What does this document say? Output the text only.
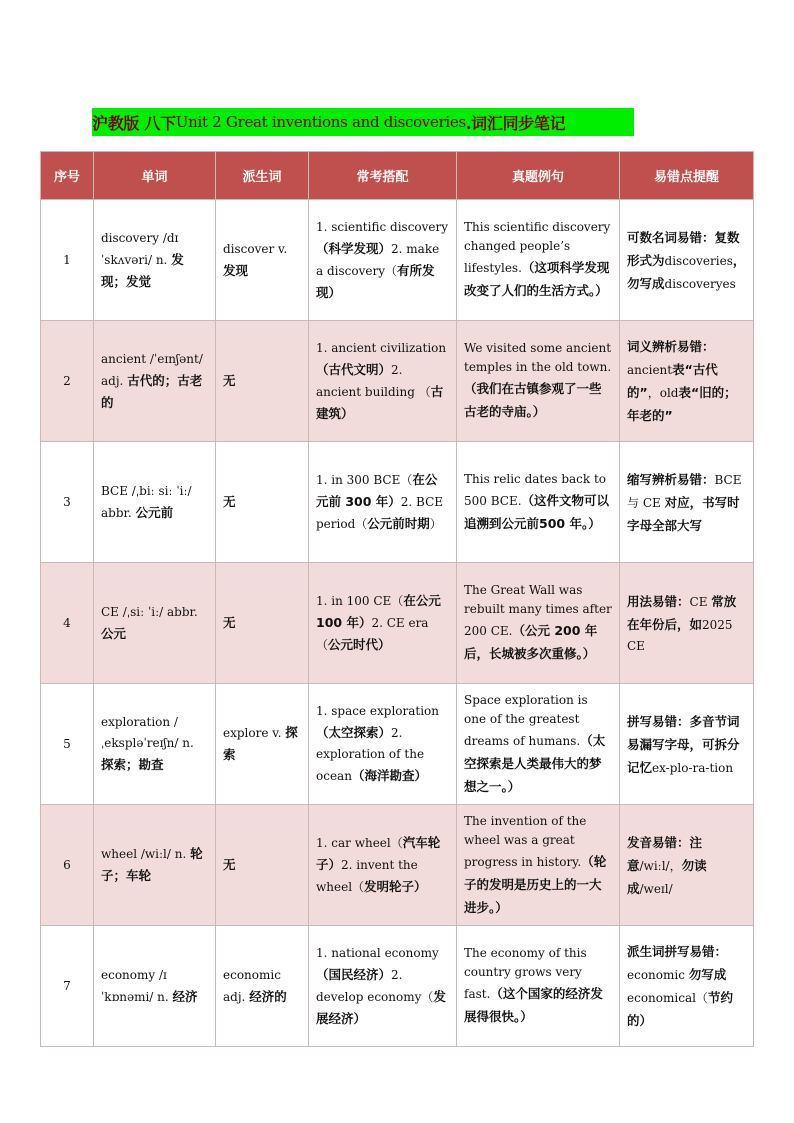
沪教版 八下 Unit 2 Great inventions and discoveries .词汇同步笔记
序号	单词	派生词	常考搭配	真题例句	易错点提醒
1	discovery /dɪˈskʌvəri/ n. 发现；发觉	discover v. 发现	1. scientific discovery（科学发现）2. make a discovery（有所发现）	This scientific discovery changed people’s lifestyles.（这项科学发现改变了人们的生活方式。）	可数名词易错：复数形式为discoveries，勿写成discoveryes
2	ancient /ˈeɪnʃənt/ adj. 古代的；古老的	无	1. ancient civilization（古代文明）2. ancient building （古建筑）	We visited some ancient temples in the old town.（我们在古镇参观了一些古老的寺庙。）	词义辨析易错：ancient表“古代的”，old表“旧的；年老的”
3	BCE /ˌbiː siː ˈiː/ abbr. 公元前	无	1. in 300 BCE（在公元前 300 年）2. BCE period（公元前时期）	This relic dates back to 500 BCE.（这件文物可以追溯到公元前500 年。）	缩写辨析易错：BCE 与 CE 对应，书写时字母全部大写
4	CE /ˌsiː ˈiː/ abbr. 公元	无	1. in 100 CE（在公元 100 年）2. CE era（公元时代）	The Great Wall was rebuilt many times after 200 CE.（公元 200 年后，长城被多次重修。）	用法易错：CE 常放在年份后，如2025 CE
5	exploration /ˌekspləˈreɪʃn/ n. 探索；勘查	explore v. 探索	1. space exploration（太空探索）2. exploration of the ocean（海洋勘查）	Space exploration is one of the greatest dreams of humans.（太空探索是人类最伟大的梦想之一。）	拼写易错：多音节词易漏写字母，可拆分记忆ex-plo-ra-tion
6	wheel /wiːl/ n. 轮子；车轮	无	1. car wheel（汽车轮子）2. invent the wheel（发明轮子）	The invention of the wheel was a great progress in history.（轮子的发明是历史上的一大进步。）	发音易错：注意/wiːl/，勿读成/weɪl/
7	economy /ɪˈkɒnəmi/ n. 经济	economic adj. 经济的	1. national economy（国民经济）2. develop economy（发展经济）	The economy of this country grows very fast.（这个国家的经济发展得很快。）	派生词拼写易错：economic 勿写成economical（节约的）
